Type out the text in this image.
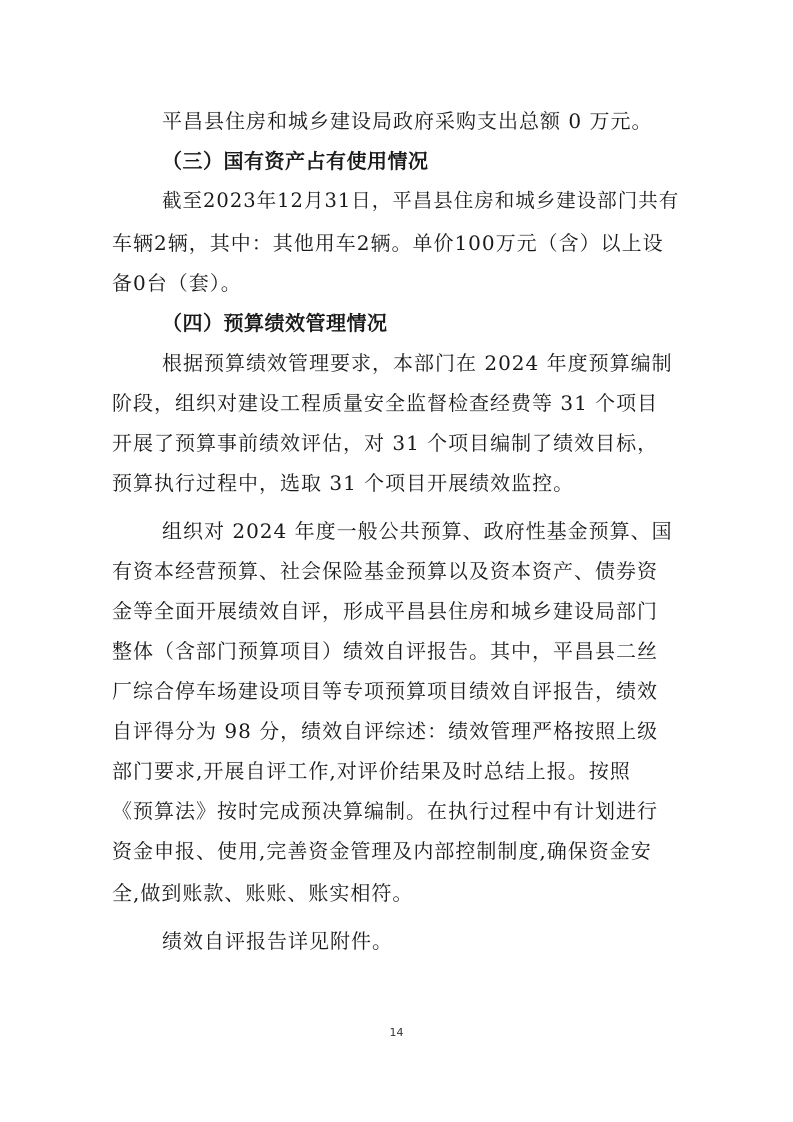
平昌县住房和城乡建设局政府采购支出总额 0 万元。
（三）国有资产占有使用情况
截至2023年12月31日，平昌县住房和城乡建设部门共有
车辆2辆，其中：其他用车2辆。单价100万元（含）以上设
备0台（套）。
（四）预算绩效管理情况
根据预算绩效管理要求，本部门在 2024 年度预算编制
阶段，组织对建设工程质量安全监督检查经费等 31 个项目
开展了预算事前绩效评估，对 31 个项目编制了绩效目标，
预算执行过程中，选取 31 个项目开展绩效监控。
组织对 2024 年度一般公共预算、政府性基金预算、国
有资本经营预算、社会保险基金预算以及资本资产、债券资
金等全面开展绩效自评，形成平昌县住房和城乡建设局部门
整体（含部门预算项目）绩效自评报告。其中，平昌县二丝
厂综合停车场建设项目等专项预算项目绩效自评报告，绩效
自评得分为 98 分，绩效自评综述：绩效管理严格按照上级
部门要求,开展自评工作,对评价结果及时总结上报。按照
《预算法》按时完成预决算编制。在执行过程中有计划进行
资金申报、使用,完善资金管理及内部控制制度,确保资金安
全,做到账款、账账、账实相符。
绩效自评报告详见附件。
14
